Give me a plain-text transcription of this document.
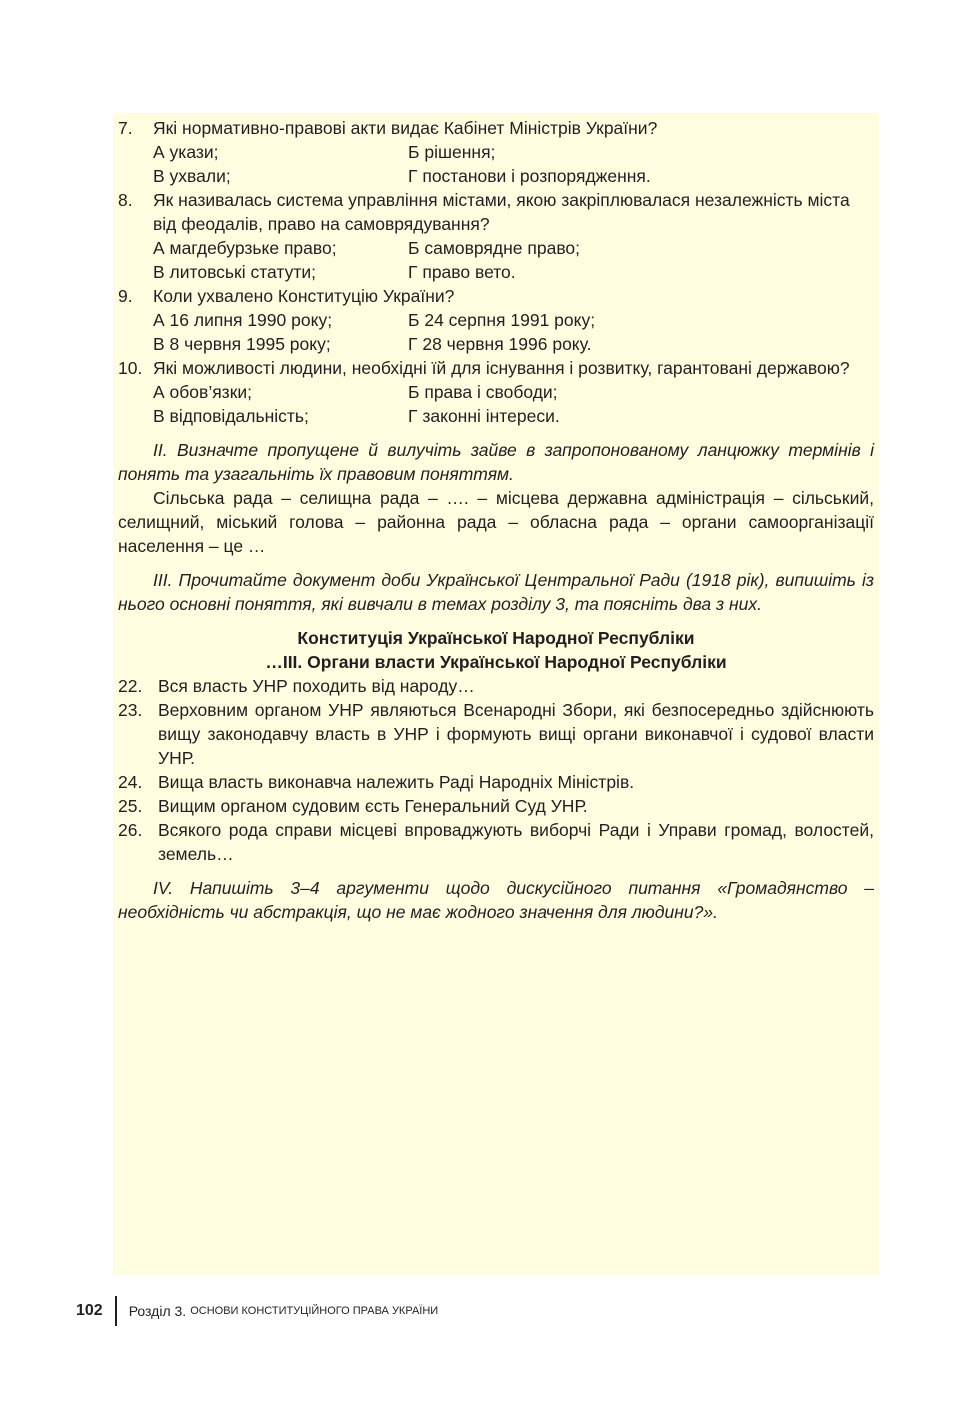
7.	Які нормативно-правові акти видає Кабінет Міністрів України?
А укази;	Б рішення;
В ухвали;	Г постанови і розпорядження.
8.	Як називалась система управління містами, якою закріплювалася незалежність міста від феодалів, право на самоврядування?
А магдебурзьке право;	Б самоврядне право;
В литовські статути;	Г право вето.
9.	Коли ухвалено Конституцію України?
А 16 липня 1990 року;	Б 24 серпня 1991 року;
В 8 червня 1995 року;	Г 28 червня 1996 року.
10. Які можливості людини, необхідні їй для існування і розвитку, гарантовані державою?
А обов’язки;	Б права і свободи;
В відповідальність;	Г законні інтереси.
ІІ. Визначте пропущене й вилучіть зайве в запропонованому ланцюжку термінів і понять та узагальніть їх правовим поняттям.
Сільська рада – селищна рада – …. – місцева державна адміністрація – сільський, селищний, міський голова – районна рада – обласна рада – органи самоорганізації населення – це …
ІІІ. Прочитайте документ доби Української Центральної Ради (1918 рік), випишіть із нього основні поняття, які вивчали в темах розділу 3, та поясніть два з них.
Конституція Української Народної Республіки
…III. Органи власти Української Народної Республіки
22. Вся власть УНР походить від народу…
23. Верховним органом УНР являються Всенародні Збори, які безпосередньо здійснюють вищу законодавчу власть в УНР і формують вищі органи виконавчої і судової власти УНР.
24. Вища власть виконавча належить Раді Народніх Міністрів.
25. Вищим органом судовим єсть Генеральний Суд УНР.
26. Всякого рода справи місцеві впроваджують виборчі Ради і Управи громад, волостей, земель…
IV. Напишіть 3–4 аргументи щодо дискусійного питання «Громадянство – необхідність чи абстракція, що не має жодного значення для людини?».
102 Розділ 3. ОСНОВИ КОНСТИТУЦІЙНОГО ПРАВА УКРАЇНИ
